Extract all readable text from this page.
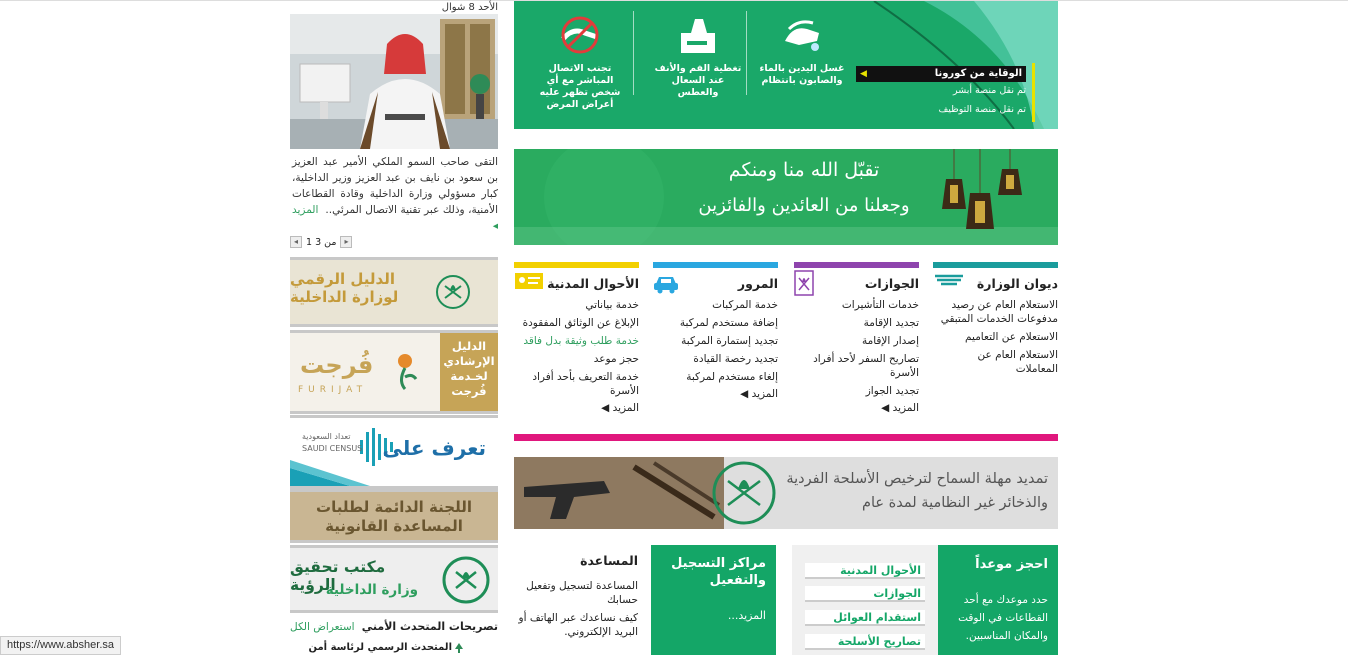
الأحد 8 شوال
التقى صاحب السمو الملكي الأمير عبد العزيز بن سعود بن نايف بن عبد العزيز وزير الداخلية، كبار مسؤولي وزارة الداخلية وقادة القطاعات الأمنية، وذلك عبر تقنية الاتصال المرئي..  المزيد ◂
◂ 1 من 3 ▸
الدليل الرقمي لوزارة الداخلية
الدليل
الإرشادي
لخـدمة
فُرجت
فُرجت
FURIJAT
تعداد السعودية
SAUDI CENSUS تعرف على
اللجنة الدائمة لطلبات
المساعدة القانونية
مكتب تحقيق الرؤية
وزارة الداخلية
تصريحات المتحدث الأمني
استعراض الكل
المتحدث الرسمي لرئاسة أمن
غسل اليدين بالماء والصابون بانتظام
تغطية الفم والأنف عند السعال والعطس
تجنب الاتصال المباشر مع أي شخص تظهر عليه أعراض المرض
الوقاية من كورونا
◀
تم نقل منصة أبشر
تم نقل منصة التوظيف
تقبّل الله منا ومنكم
وجعلنا من العائدين والفائزين
ديوان الوزارة
الاستعلام العام عن رصيد مدفوعات الخدمات المتبقي
الاستعلام عن التعاميم
الاستعلام العام عن المعاملات
الجوازات
خدمات التأشيرات
تجديد الإقامة
إصدار الإقامة
تصاريح السفر لأحد أفراد الأسرة
تجديد الجواز
المزيد ◀
المرور
خدمة المركبات
إضافة مستخدم لمركبة
تجديد إستمارة المركبة
تجديد رخصة القيادة
إلغاء مستخدم لمركبة
المزيد ◀
الأحوال المدنية
خدمة بياناتي
الإبلاغ عن الوثائق المفقودة
خدمة طلب وثيقة بدل فاقد
حجز موعد
خدمة التعريف بأحد أفراد الأسرة
المزيد ◀
تمديد مهلة السماح لترخيص الأسلحة الفردية
والذخائر غير النظامية لمدة عام
احجز موعداً
حدد موعدك مع أحد القطاعات في الوقت والمكان المناسبين.
الأحوال المدنية
الجوازات
استقدام العوائل
تصاريح الأسلحة
مراكز التسجيل والتفعيل
المزيد...
المساعدة
المساعدة لتسجيل وتفعيل حسابك
كيف نساعدك عبر الهاتف أو البريد الإلكتروني.
https://www.absher.sa
